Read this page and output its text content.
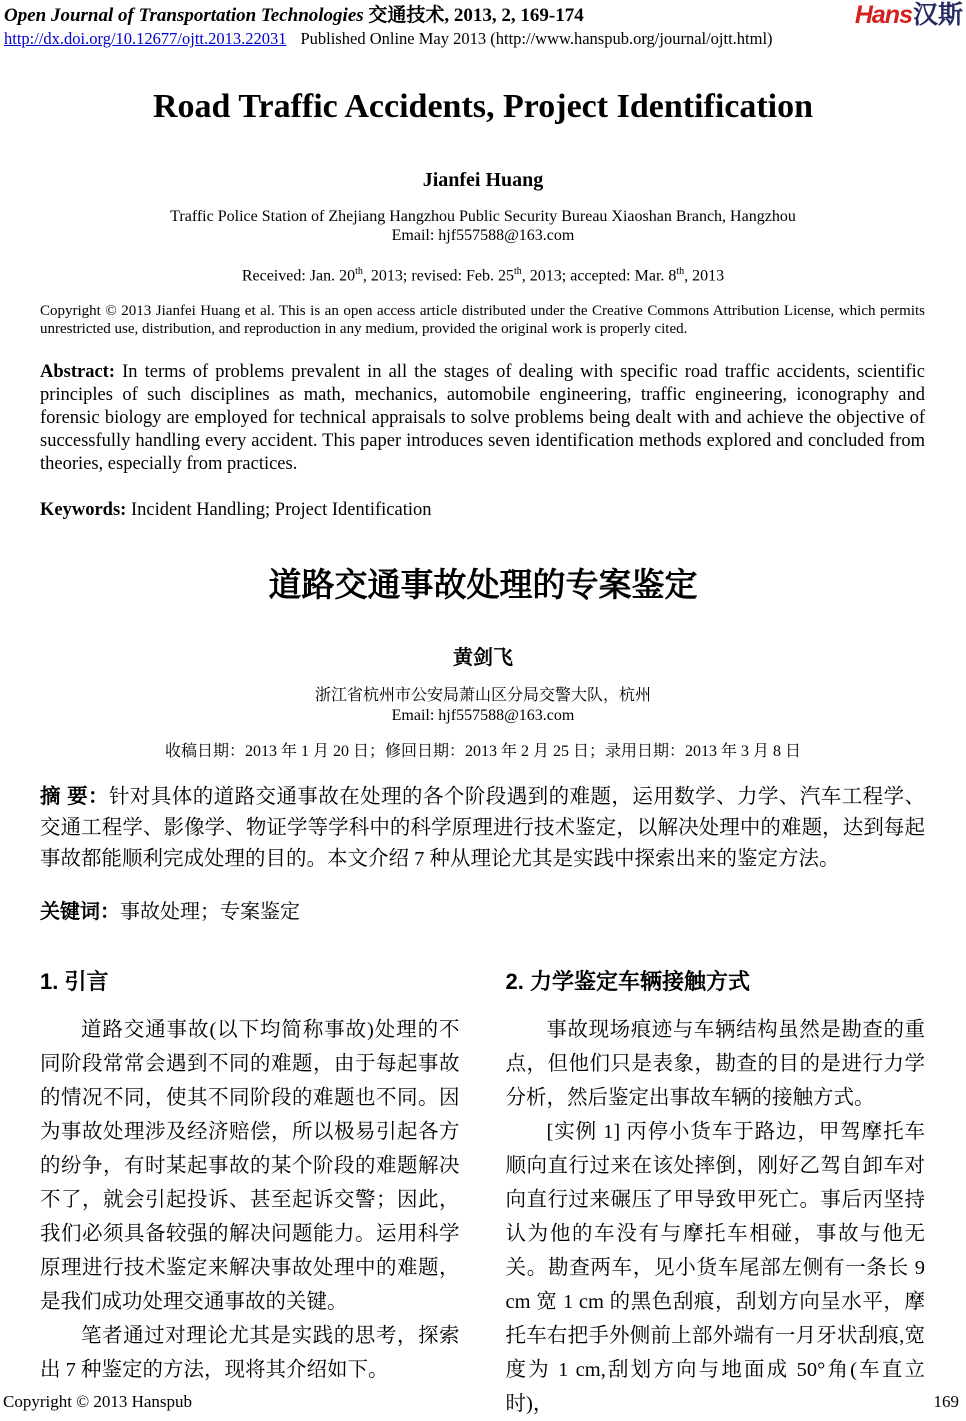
Open Journal of Transportation Technologies 交通技术, 2013, 2, 169-174
http://dx.doi.org/10.12677/ojtt.2013.22031 Published Online May 2013 (http://www.hanspub.org/journal/ojtt.html)
Hans汉斯
Road Traffic Accidents, Project Identification
Jianfei Huang
Traffic Police Station of Zhejiang Hangzhou Public Security Bureau Xiaoshan Branch, Hangzhou
Email: hjf557588@163.com
Received: Jan. 20th, 2013; revised: Feb. 25th, 2013; accepted: Mar. 8th, 2013
Copyright © 2013 Jianfei Huang et al. This is an open access article distributed under the Creative Commons Attribution License, which permits unrestricted use, distribution, and reproduction in any medium, provided the original work is properly cited.
Abstract: In terms of problems prevalent in all the stages of dealing with specific road traffic accidents, scientific principles of such disciplines as math, mechanics, automobile engineering, traffic engineering, iconography and forensic biology are employed for technical appraisals to solve problems being dealt with and achieve the objective of successfully handling every accident. This paper introduces seven identification methods explored and concluded from theories, especially from practices.
Keywords: Incident Handling; Project Identification
道路交通事故处理的专案鉴定
黄剑飞
浙江省杭州市公安局萧山区分局交警大队，杭州
Email: hjf557588@163.com
收稿日期：2013 年 1 月 20 日；修回日期：2013 年 2 月 25 日；录用日期：2013 年 3 月 8 日
摘 要：针对具体的道路交通事故在处理的各个阶段遇到的难题，运用数学、力学、汽车工程学、交通工程学、影像学、物证学等学科中的科学原理进行技术鉴定，以解决处理中的难题，达到每起事故都能顺利完成处理的目的。本文介绍 7 种从理论尤其是实践中探索出来的鉴定方法。
关键词：事故处理；专案鉴定
1. 引言

道路交通事故(以下均简称事故)处理的不同阶段常常会遇到不同的难题，由于每起事故的情况不同，使其不同阶段的难题也不同。因为事故处理涉及经济赔偿，所以极易引起各方的纷争，有时某起事故的某个阶段的难题解决不了，就会引起投诉、甚至起诉交警；因此，我们必须具备较强的解决问题能力。运用科学原理进行技术鉴定来解决事故处理中的难题，是我们成功处理交通事故的关键。

笔者通过对理论尤其是实践的思考，探索出 7 种鉴定的方法，现将其介绍如下。

2. 力学鉴定车辆接触方式

事故现场痕迹与车辆结构虽然是勘查的重点，但他们只是表象，勘查的目的是进行力学分析，然后鉴定出事故车辆的接触方式。

[实例 1] 丙停小货车于路边，甲驾摩托车顺向直行过来在该处摔倒，刚好乙驾自卸车对向直行过来碾压了甲导致甲死亡。事后丙坚持认为他的车没有与摩托车相碰，事故与他无关。勘查两车，见小货车尾部左侧有一条长 9 cm 宽 1 cm 的黑色刮痕，刮划方向呈水平，摩托车右把手外侧前上部外端有一月牙状刮痕,宽度为 1 cm,刮划方向与地面成 50°角(车直立时)，

Copyright © 2013 Hanspub	169
